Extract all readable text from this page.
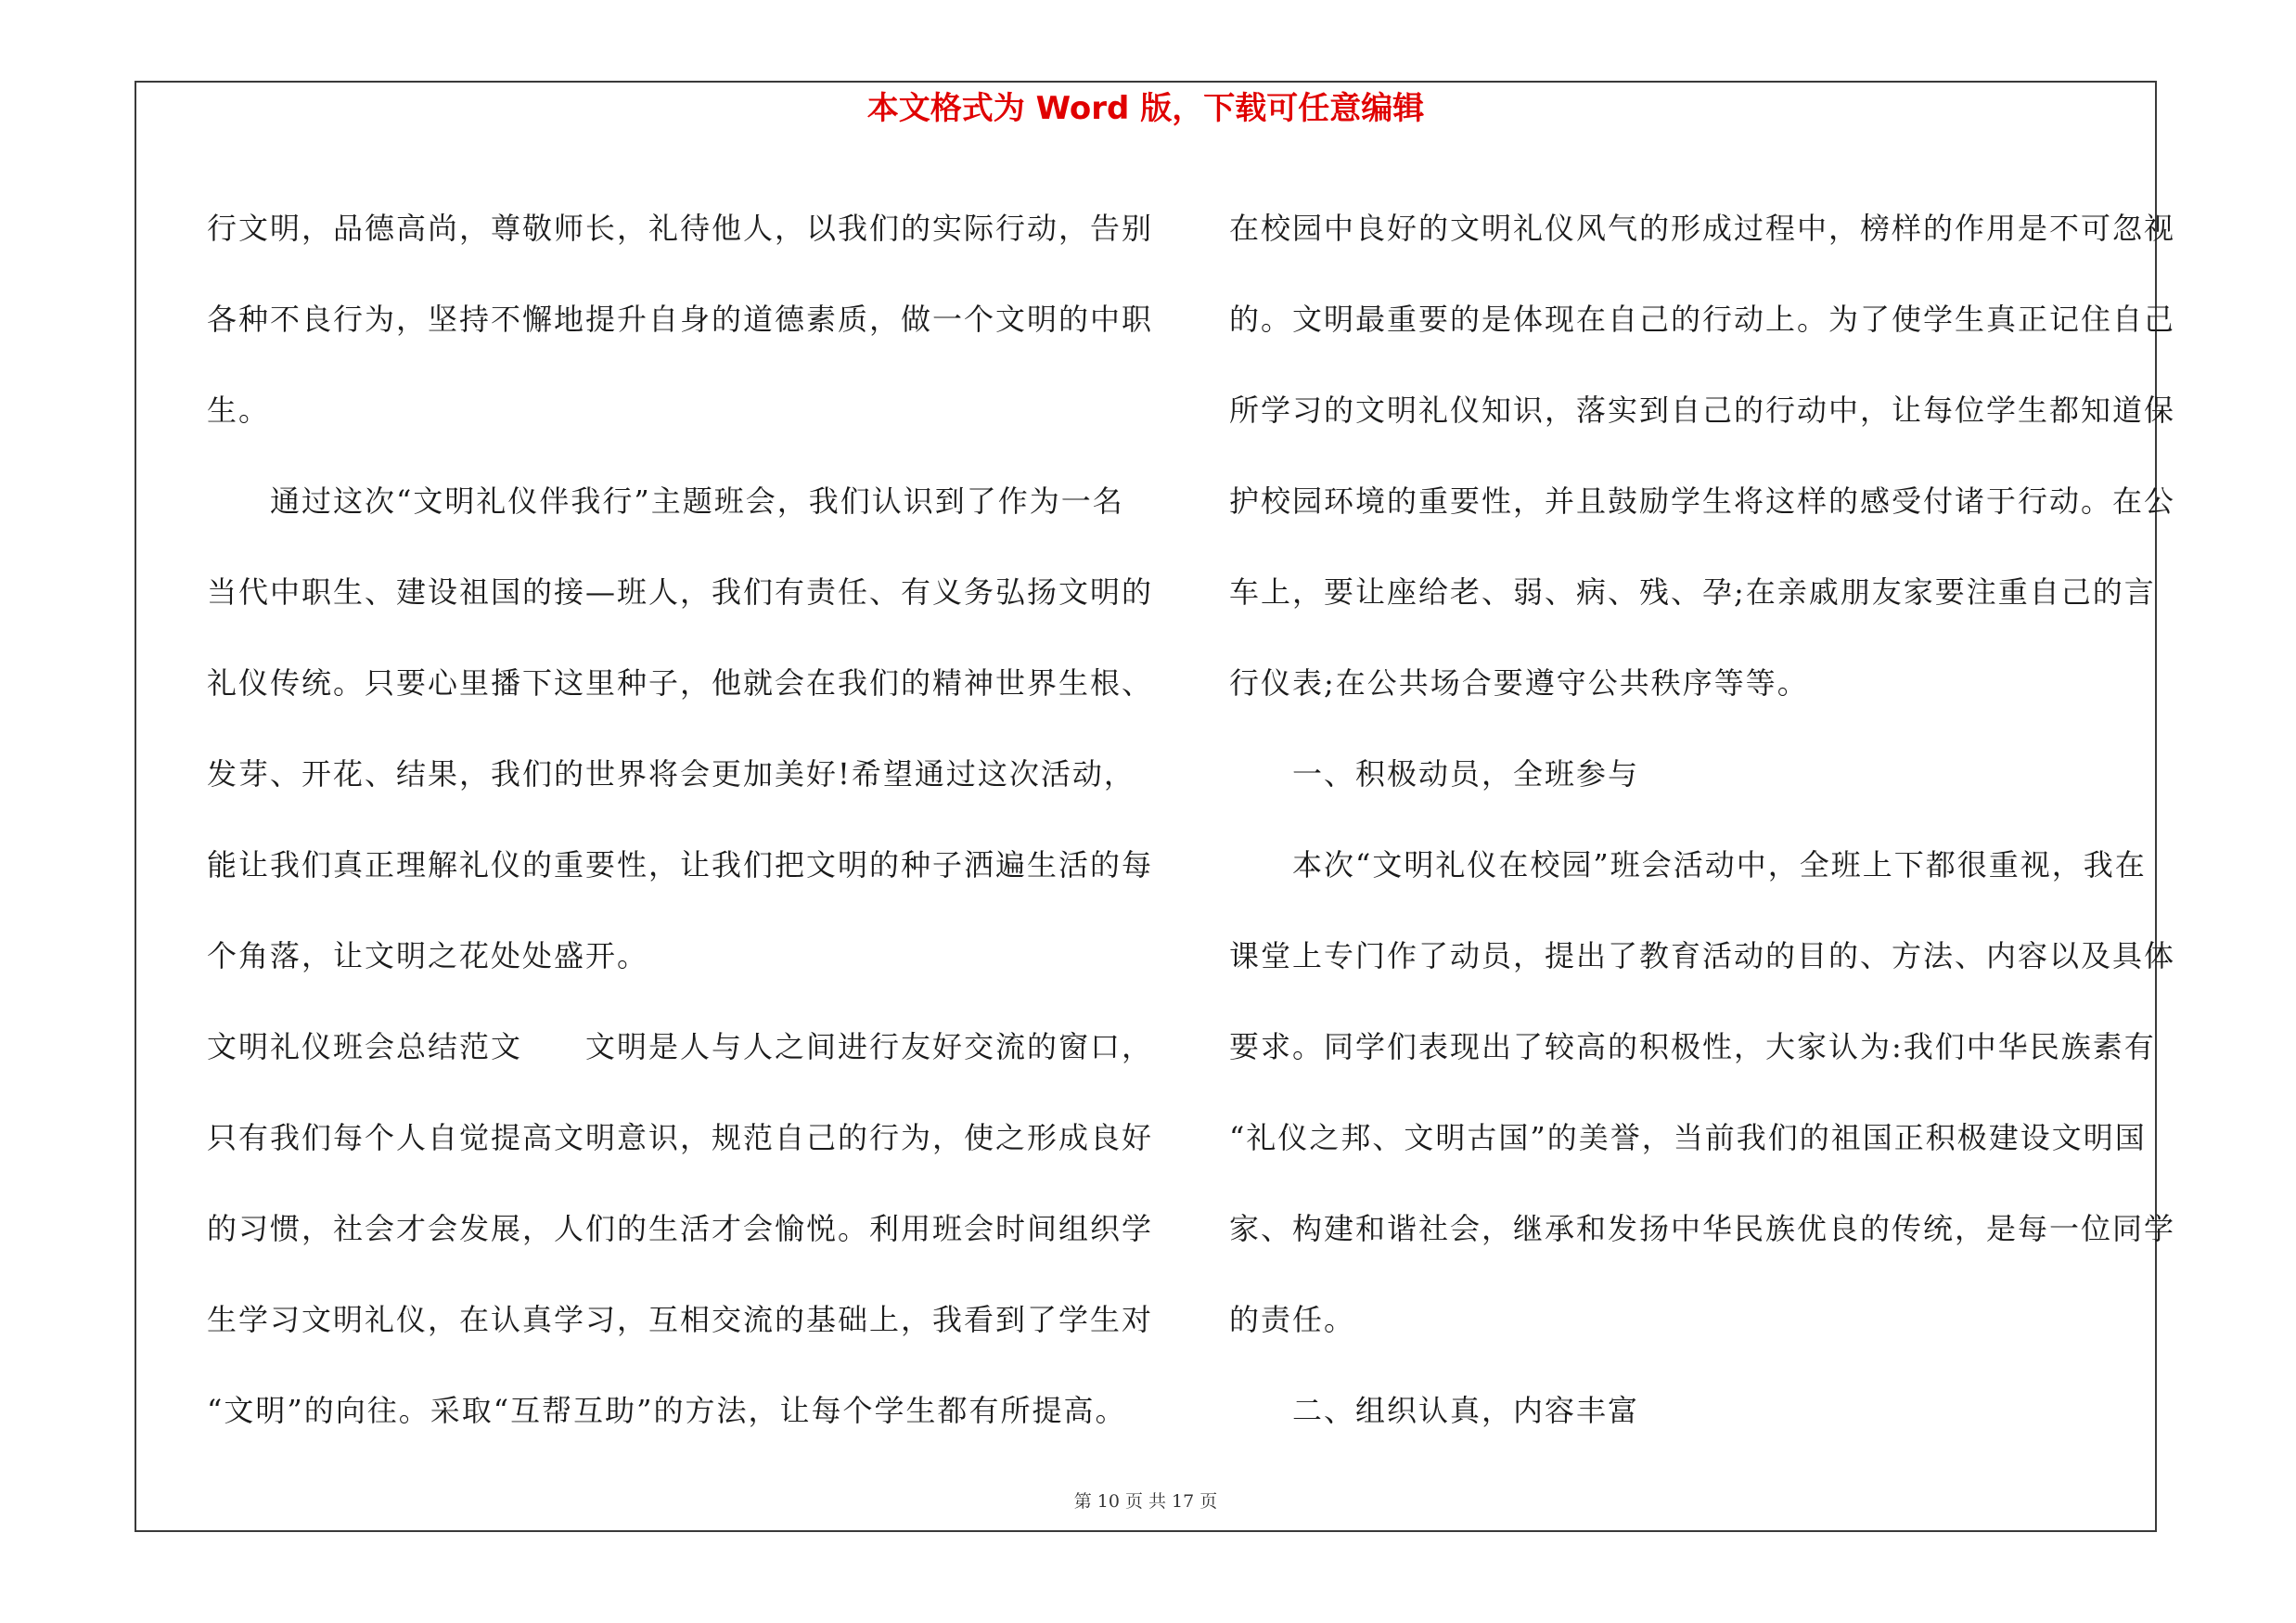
本文格式为 Word 版，下载可任意编辑
行文明，品德高尚，尊敬师长，礼待他人，以我们的实际行动，告别
各种不良行为，坚持不懈地提升自身的道德素质，做一个文明的中职
生。
　　通过这次“文明礼仪伴我行”主题班会，我们认识到了作为一名
当代中职生、建设祖国的接—班人，我们有责任、有义务弘扬文明的
礼仪传统。只要心里播下这里种子，他就会在我们的精神世界生根、
发芽、开花、结果，我们的世界将会更加美好!希望通过这次活动，
能让我们真正理解礼仪的重要性，让我们把文明的种子洒遍生活的每
个角落，让文明之花处处盛开。
文明礼仪班会总结范文　　文明是人与人之间进行友好交流的窗口，
只有我们每个人自觉提高文明意识，规范自己的行为，使之形成良好
的习惯，社会才会发展，人们的生活才会愉悦。利用班会时间组织学
生学习文明礼仪，在认真学习，互相交流的基础上，我看到了学生对
“文明”的向往。采取“互帮互助”的方法，让每个学生都有所提高。
在校园中良好的文明礼仪风气的形成过程中，榜样的作用是不可忽视
的。文明最重要的是体现在自己的行动上。为了使学生真正记住自己
所学习的文明礼仪知识，落实到自己的行动中，让每位学生都知道保
护校园环境的重要性，并且鼓励学生将这样的感受付诸于行动。在公
车上，要让座给老、弱、病、残、孕;在亲戚朋友家要注重自己的言
行仪表;在公共场合要遵守公共秩序等等。
　　一、积极动员，全班参与
　　本次“文明礼仪在校园”班会活动中，全班上下都很重视，我在
课堂上专门作了动员，提出了教育活动的目的、方法、内容以及具体
要求。同学们表现出了较高的积极性，大家认为:我们中华民族素有
“礼仪之邦、文明古国”的美誉，当前我们的祖国正积极建设文明国
家、构建和谐社会，继承和发扬中华民族优良的传统，是每一位同学
的责任。
　　二、组织认真，内容丰富
第 10 页 共 17 页
